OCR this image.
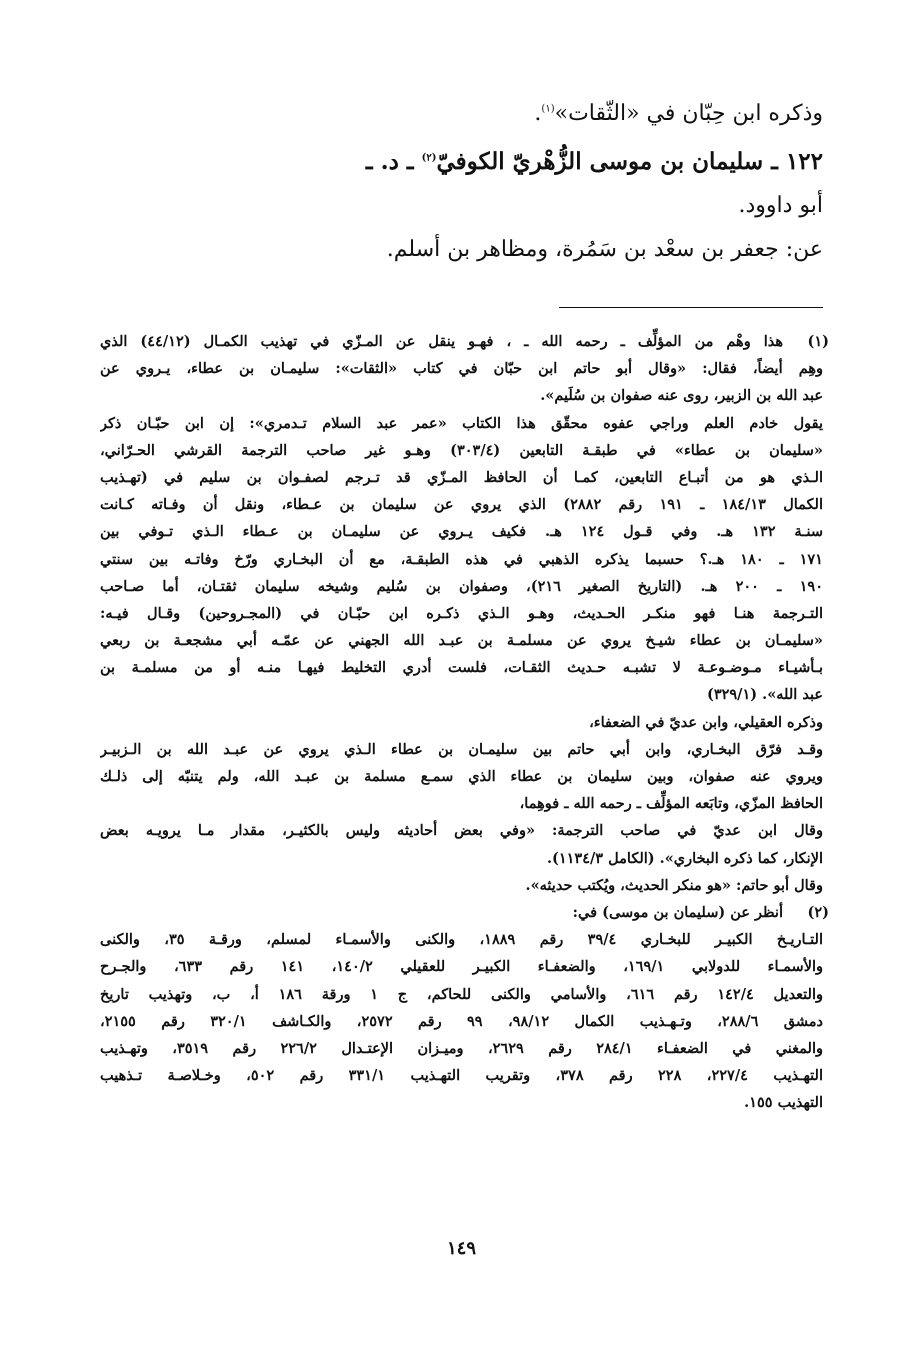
وذكره ابن حِبّان في «الثّقات»$^{(١)}$.
١٢٢ ـ سليمان بن موسى الزُّهْريّ الكوفيّ$^{(٢)}$ ـ د. ـ
أبو داوود.
عن: جعفر بن سعْد بن سَمُرة، ومظاهر بن أسلم.
(١)
هذا وهْم من المؤلِّف ـ رحمه الله ـ ، فهـو ينقل عن المـزّي في تهذيب الكمـال (٤٤/١٢) الذي
وهِم أيضاً، فقال: «وقال أبو حاتم ابن حبّان في كتاب «الثقات»: سليمـان بن عطاء، يـروي عن
عبد الله بن الزبير، روى عنه صفوان بن سُلَيم».
يقول خادم العلم وراجي عفوه محقّق هذا الكتاب «عمر عبد السلام تـدمري»: إن ابن حبّـان ذكر
«سليمان بن عطاء» في طبقـة التابعين (٣٠٣/٤) وهـو غير صاحب الترجمة القرشي الحـرّاني،
الـذي هو من أتبـاع التابعين، كمـا أن الحافظ المـزّي قد تـرجم لصفـوان بن سليم في (تهـذيب
الكمال ١٨٤/١٣ ـ ١٩١ رقم ٢٨٨٢) الذي يروي عن سليمان بن عـطاء، ونقل أن وفـاته كـانت
سنـة ١٣٢ هـ. وفي قـول ١٢٤ هـ. فكيف يـروي عن سليمـان بن عـطاء الـذي تـوفي بين
١٧١ ـ ١٨٠ هـ.؟ حسبما يذكره الذهبي في هذه الطبقـة، مع أن البخـاري ورّخ وفاتـه بين سنتي
١٩٠ ـ ٢٠٠ هـ. (التاريخ الصغير ٢١٦)، وصفوان بن سُليم وشيخه سليمان ثقتـان، أما صـاحب
التـرجمة هنـا فهو منكـر الحـديث، وهـو الـذي ذكـره ابن حبّـان في (المجـروحين) وقـال فيـه:
«سليمـان بن عطاء شيـخ يروي عن مسلمـة بن عبـد الله الجهني عن عمّـه أبي مشجعـة بن ربعي
بـأشيـاء مـوضـوعـة لا تشبـه حـديث الثقـات، فلست أدري التخليط فيهـا منـه أو من مسلمـة بن
عبد الله». (٣٢٩/١)
وذكره العقيلي، وابن عديّ في الضعفاء،
وقـد فرّق البخـاري، وابن أبي حاتم بين سليمـان بن عطاء الـذي يروي عن عبـد الله بن الـزبيـر
ويروي عنه صفوان، وبين سليمان بن عطاء الذي سمـع مسلمة بن عبـد الله، ولم يتنبّه إلى ذلـك
الحافظ المزّي، وتابَعه المؤلِّف ـ رحمه الله ـ فوهِما،
وقال ابن عديّ في صاحب الترجمة: «وفي بعض أحاديثه وليس بالكثيـر، مقدار مـا يرويـه بعض
الإنكار، كما ذكره البخاري». (الكامل ١١٣٤/٣).
وقال أبو حاتم: «هو منكر الحديث، ويُكتب حديثه».
(٢)
أنظر عن (سليمان بن موسى) في:
التـاريـخ الكبيـر للبخـاري ٣٩/٤ رقم ١٨٨٩، والكنى والأسمـاء لمسلم، ورقـة ٣٥، والكنى
والأسمـاء للدولابي ١٦٩/١، والضعفـاء الكبيـر للعقيلي ١٤٠/٢، ١٤١ رقم ٦٣٣، والجـرح
والتعديل ١٤٢/٤ رقم ٦١٦، والأسامي والكنى للحاكم، ج ١ ورقة ١٨٦ أ، ب، وتهذيب تاريخ
دمشق ٢٨٨/٦، وتـهـذيب الكمال ٩٨/١٢، ٩٩ رقم ٢٥٧٢، والكـاشف ٣٢٠/١ رقم ٢١٥٥،
والمغني في الضعفـاء ٢٨٤/١ رقم ٢٦٢٩، وميـزان الإعتـدال ٢٢٦/٢ رقم ٣٥١٩، وتهـذيب
التهـذيب ٢٢٧/٤، ٢٢٨ رقم ٣٧٨، وتقريب التهـذيب ٣٣١/١ رقم ٥٠٢، وخـلاصـة تـذهيب
التهذيب ١٥٥.
١٤٩
